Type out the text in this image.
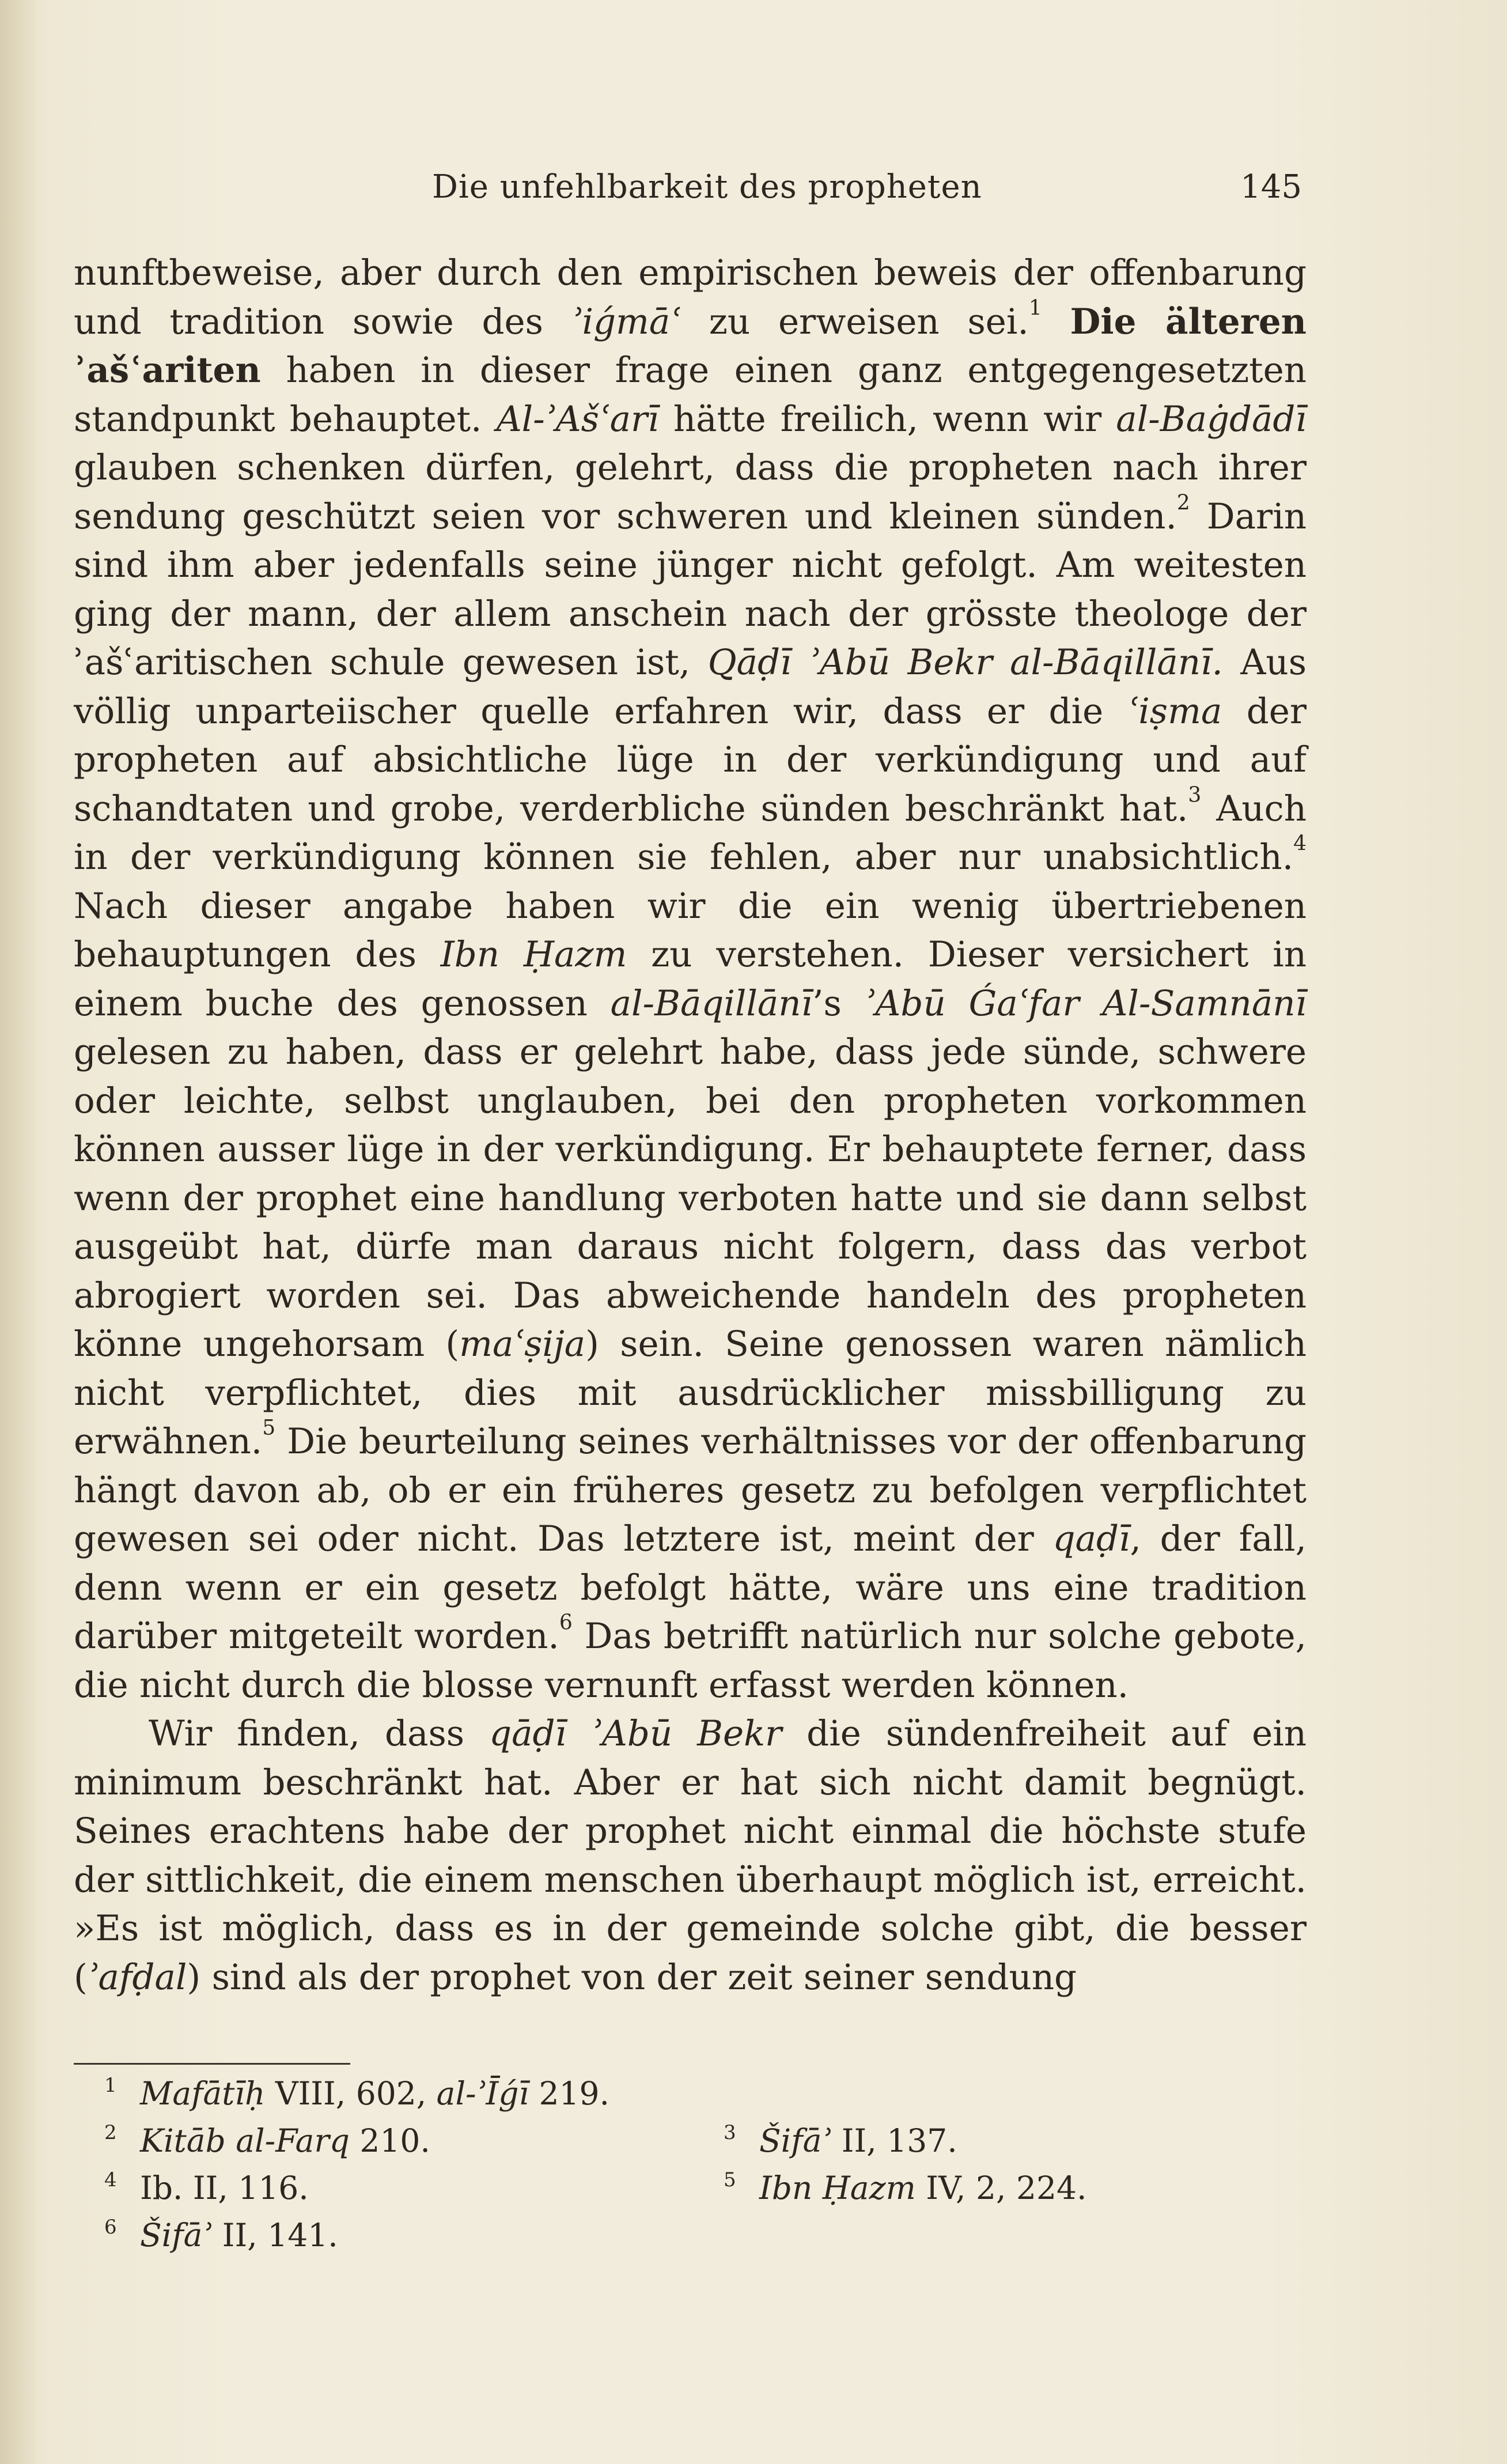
Die unfehlbarkeit des propheten	145

nunftbeweise, aber durch den empirischen beweis der offenbarung und tradition sowie des ʾiǵmāʿ zu erweisen sei.$^1$ Die älteren ʾašʿariten haben in dieser frage einen ganz entgegengesetzten standpunkt behauptet. Al-ʾAšʿarī hätte freilich, wenn wir al-Baġdādī glauben schenken dürfen, gelehrt, dass die propheten nach ihrer sendung geschützt seien vor schweren und kleinen sünden.$^2$ Darin sind ihm aber jedenfalls seine jünger nicht gefolgt. Am weitesten ging der mann, der allem anschein nach der grösste theologe der ʾašʿaritischen schule gewesen ist, Qāḍī ʾAbū Bekr al-Bāqillānī. Aus völlig unparteiischer quelle erfahren wir, dass er die ʿiṣma der propheten auf absichtliche lüge in der verkündigung und auf schandtaten und grobe, verderbliche sünden beschränkt hat.$^3$ Auch in der verkündigung können sie fehlen, aber nur unabsichtlich.$^4$ Nach dieser angabe haben wir die ein wenig übertriebenen behauptungen des Ibn Ḥazm zu verstehen. Dieser versichert in einem buche des genossen al-Bāqillānī’s ʾAbū Ǵaʿfar Al-Samnānī gelesen zu haben, dass er gelehrt habe, dass jede sünde, schwere oder leichte, selbst unglauben, bei den propheten vorkommen können ausser lüge in der verkündigung. Er behauptete ferner, dass wenn der prophet eine handlung verboten hatte und sie dann selbst ausgeübt hat, dürfe man daraus nicht folgern, dass das verbot abrogiert worden sei. Das abweichende handeln des propheten könne ungehorsam (maʿṣija) sein. Seine genossen waren nämlich nicht verpflichtet, dies mit ausdrücklicher missbilligung zu erwähnen.$^5$ Die beurteilung seines verhältnisses vor der offenbarung hängt davon ab, ob er ein früheres gesetz zu befolgen verpflichtet gewesen sei oder nicht. Das letztere ist, meint der qaḍī, der fall, denn wenn er ein gesetz befolgt hätte, wäre uns eine tradition darüber mitgeteilt worden.$^6$ Das betrifft natürlich nur solche gebote, die nicht durch die blosse vernunft erfasst werden können.

Wir finden, dass qāḍī ʾAbū Bekr die sündenfreiheit auf ein minimum beschränkt hat. Aber er hat sich nicht damit begnügt. Seines erachtens habe der prophet nicht einmal die höchste stufe der sittlichkeit, die einem menschen überhaupt möglich ist, erreicht. »Es ist möglich, dass es in der gemeinde solche gibt, die besser (ʾafḍal) sind als der prophet von der zeit seiner sendung

1 Mafātīḥ VIII, 602, al-ʾĪǵī 219.
2 Kitāb al-Farq 210.	3 Šifāʾ II, 137.
4 Ib. II, 116.	5 Ibn Ḥazm IV, 2, 224.
6 Šifāʾ II, 141.
